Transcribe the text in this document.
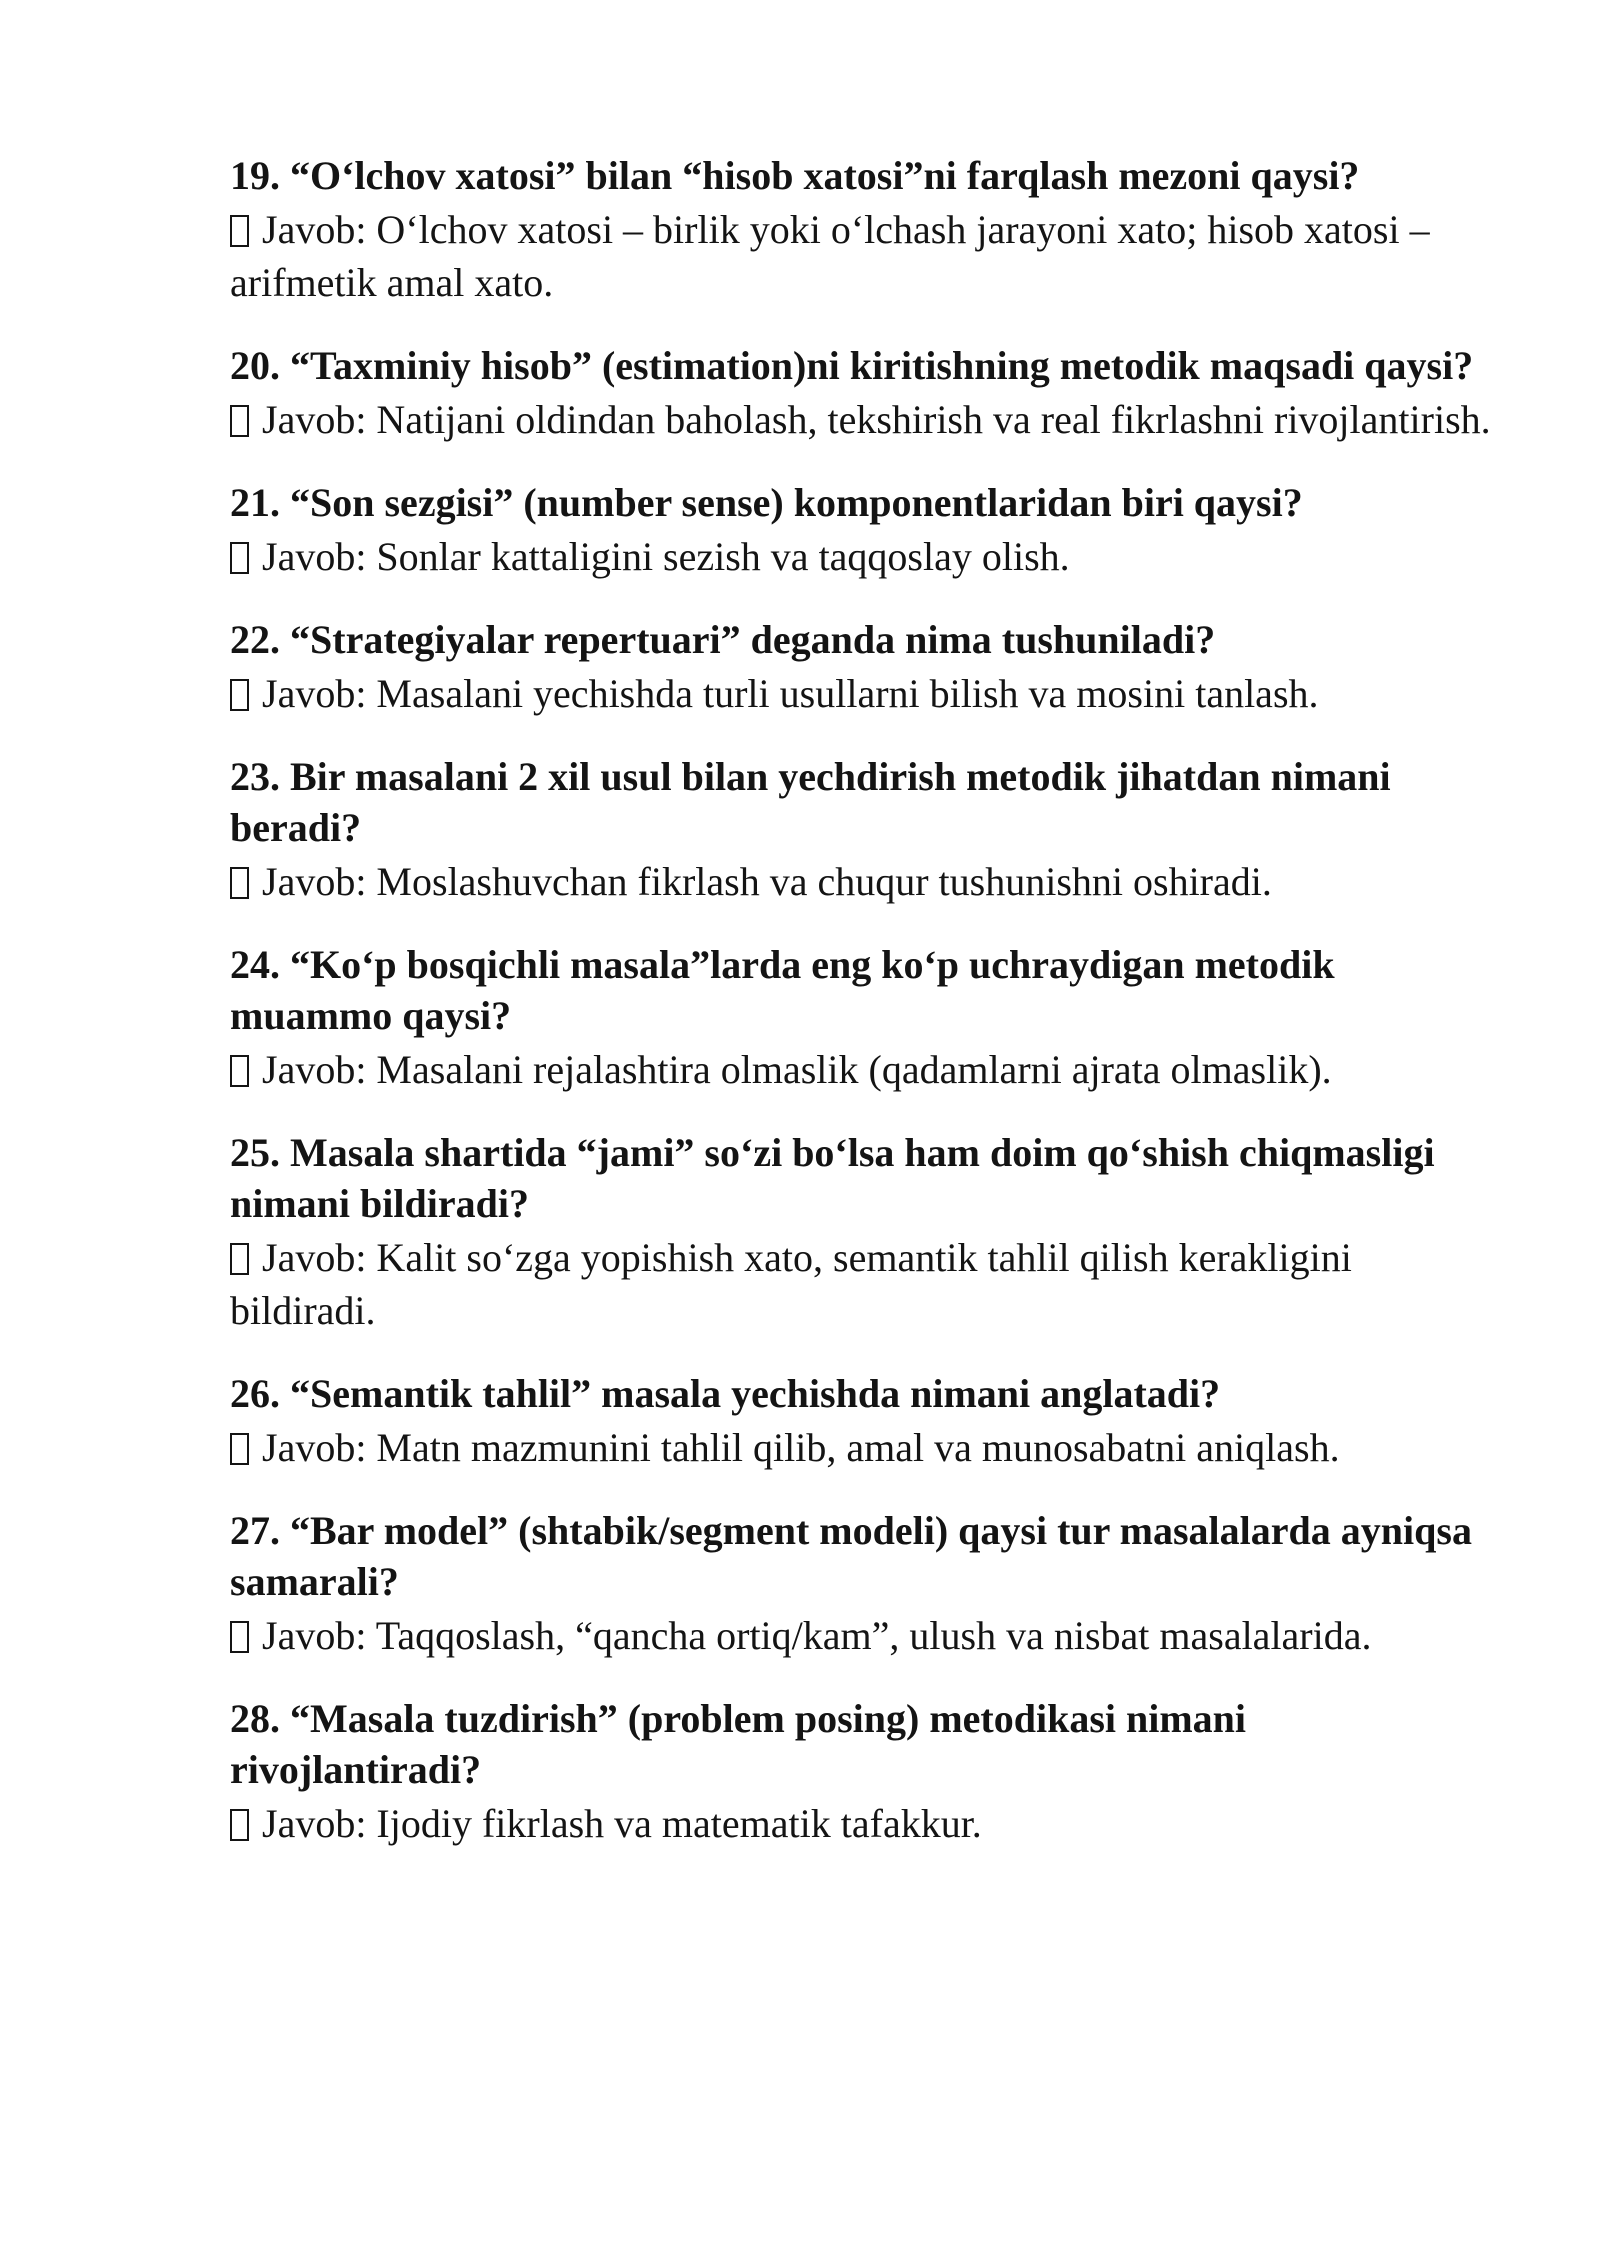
19. “O‘lchov xatosi” bilan “hisob xatosi”ni farqlash mezoni qaysi?

Javob: O‘lchov xatosi – birlik yoki o‘lchash jarayoni xato; hisob xatosi – arifmetik amal xato.

20. “Taxminiy hisob” (estimation)ni kiritishning metodik maqsadi qaysi?

Javob: Natijani oldindan baholash, tekshirish va real fikrlashni rivojlantirish.

21. “Son sezgisi” (number sense) komponentlaridan biri qaysi?

Javob: Sonlar kattaligini sezish va taqqoslay olish.

22. “Strategiyalar repertuari” deganda nima tushuniladi?

Javob: Masalani yechishda turli usullarni bilish va mosini tanlash.

23. Bir masalani 2 xil usul bilan yechdirish metodik jihatdan nimani beradi?

Javob: Moslashuvchan fikrlash va chuqur tushunishni oshiradi.

24. “Ko‘p bosqichli masala”larda eng ko‘p uchraydigan metodik muammo qaysi?

Javob: Masalani rejalashtira olmaslik (qadamlarni ajrata olmaslik).

25. Masala shartida “jami” so‘zi bo‘lsa ham doim qo‘shish chiqmasligi nimani bildiradi?

Javob: Kalit so‘zga yopishish xato, semantik tahlil qilish kerakligini bildiradi.

26. “Semantik tahlil” masala yechishda nimani anglatadi?

Javob: Matn mazmunini tahlil qilib, amal va munosabatni aniqlash.

27. “Bar model” (shtabik/segment modeli) qaysi tur masalalarda ayniqsa samarali?

Javob: Taqqoslash, “qancha ortiq/kam”, ulush va nisbat masalalarida.

28. “Masala tuzdirish” (problem posing) metodikasi nimani rivojlantiradi?

Javob: Ijodiy fikrlash va matematik tafakkur.
